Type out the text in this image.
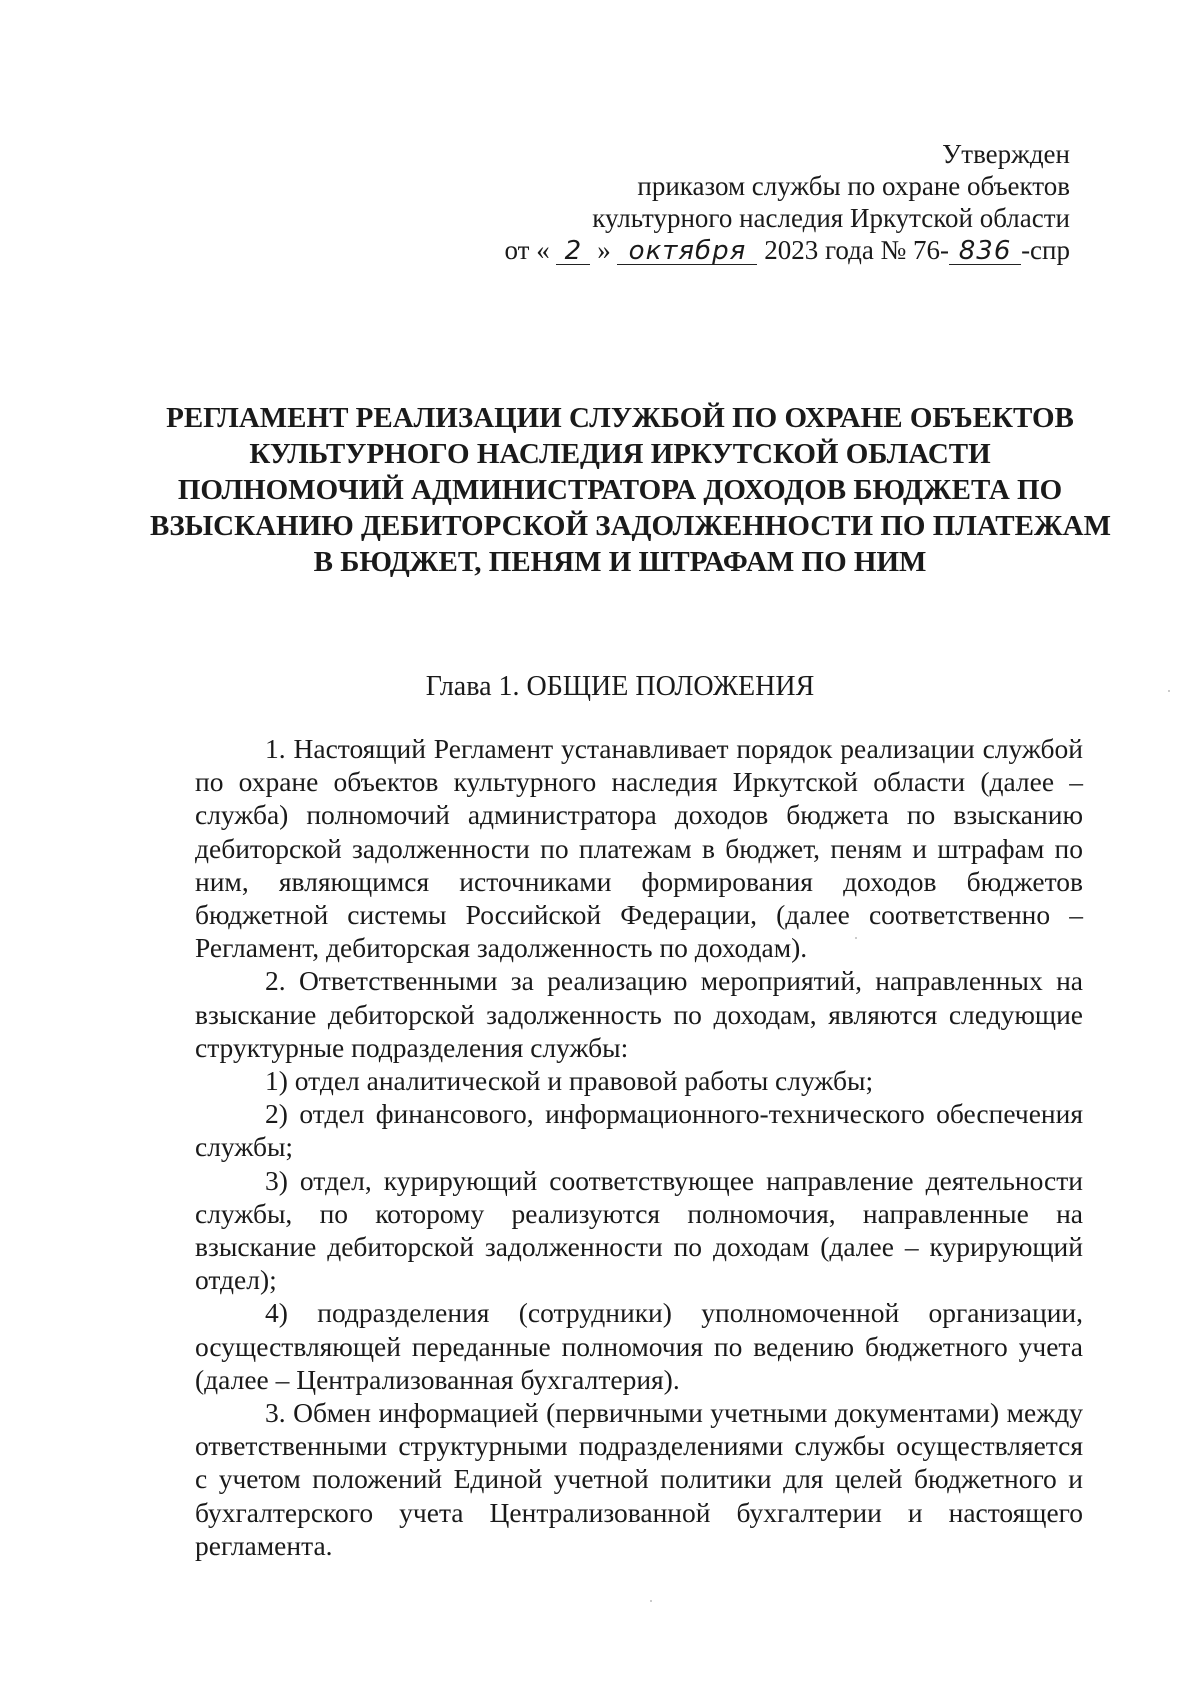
Утвержден
приказом службы по охране объектов
культурного наследия Иркутской области
от « 2 » октября 2023 года № 76- 836 -спр
РЕГЛАМЕНТ РЕАЛИЗАЦИИ СЛУЖБОЙ ПО ОХРАНЕ ОБЪЕКТОВ
КУЛЬТУРНОГО НАСЛЕДИЯ ИРКУТСКОЙ ОБЛАСТИ
ПОЛНОМОЧИЙ АДМИНИСТРАТОРА ДОХОДОВ БЮДЖЕТА ПО
ВЗЫСКАНИЮ ДЕБИТОРСКОЙ ЗАДОЛЖЕННОСТИ ПО ПЛАТЕЖАМ
В БЮДЖЕТ, ПЕНЯМ И ШТРАФАМ ПО НИМ
Глава 1. ОБЩИЕ ПОЛОЖЕНИЯ

1. Настоящий Регламент устанавливает порядок реализации службой по охране объектов культурного наследия Иркутской области (далее – служба) полномочий администратора доходов бюджета по взысканию дебиторской задолженности по платежам в бюджет, пеням и штрафам по ним, являющимся источниками формирования доходов бюджетов бюджетной системы Российской Федерации, (далее соответственно – Регламент, дебиторская задолженность по доходам).

2. Ответственными за реализацию мероприятий, направленных на взыскание дебиторской задолженность по доходам, являются следующие структурные подразделения службы:

1) отдел аналитической и правовой работы службы;

2) отдел финансового, информационного-технического обеспечения службы;

3) отдел, курирующий соответствующее направление деятельности службы, по которому реализуются полномочия, направленные на взыскание дебиторской задолженности по доходам (далее – курирующий отдел);

4) подразделения (сотрудники) уполномоченной организации, осуществляющей переданные полномочия по ведению бюджетного учета (далее – Централизованная бухгалтерия).

3. Обмен информацией (первичными учетными документами) между ответственными структурными подразделениями службы осуществляется с учетом положений Единой учетной политики для целей бюджетного и бухгалтерского учета Централизованной бухгалтерии и настоящего регламента.
